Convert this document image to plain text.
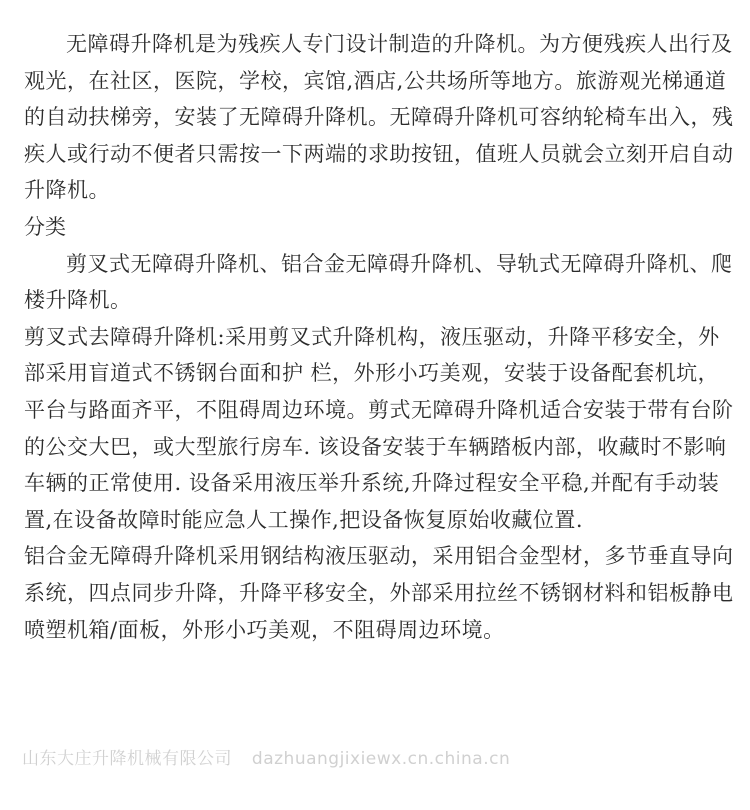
无障碍升降机是为残疾人专门设计制造的升降机。为方便残疾人出行及观光，在社区，医院，学校，宾馆,酒店,公共场所等地方。旅游观光梯通道的自动扶梯旁，安装了无障碍升降机。无障碍升降机可容纳轮椅车出入，残疾人或行动不便者只需按一下两端的求助按钮，值班人员就会立刻开启自动升降机。

分类

剪叉式无障碍升降机、铝合金无障碍升降机、导轨式无障碍升降机、爬楼升降机。

剪叉式去障碍升降机:采用剪叉式升降机构，液压驱动，升降平移安全，外部采用盲道式不锈钢台面和护 栏，外形小巧美观，安装于设备配套机坑，平台与路面齐平，不阻碍周边环境。剪式无障碍升降机适合安装于带有台阶的公交大巴，或大型旅行房车. 该设备安装于车辆踏板内部，收藏时不影响车辆的正常使用. 设备采用液压举升系统,升降过程安全平稳,并配有手动装置,在设备故障时能应急人工操作,把设备恢复原始收藏位置.

铝合金无障碍升降机采用钢结构液压驱动，采用铝合金型材，多节垂直导向系统，四点同步升降，升降平移安全，外部采用拉丝不锈钢材料和铝板静电喷塑机箱/面板，外形小巧美观，不阻碍周边环境。

山东大庄升降机械有限公司 dazhuangjixiewx.cn.china.cn
